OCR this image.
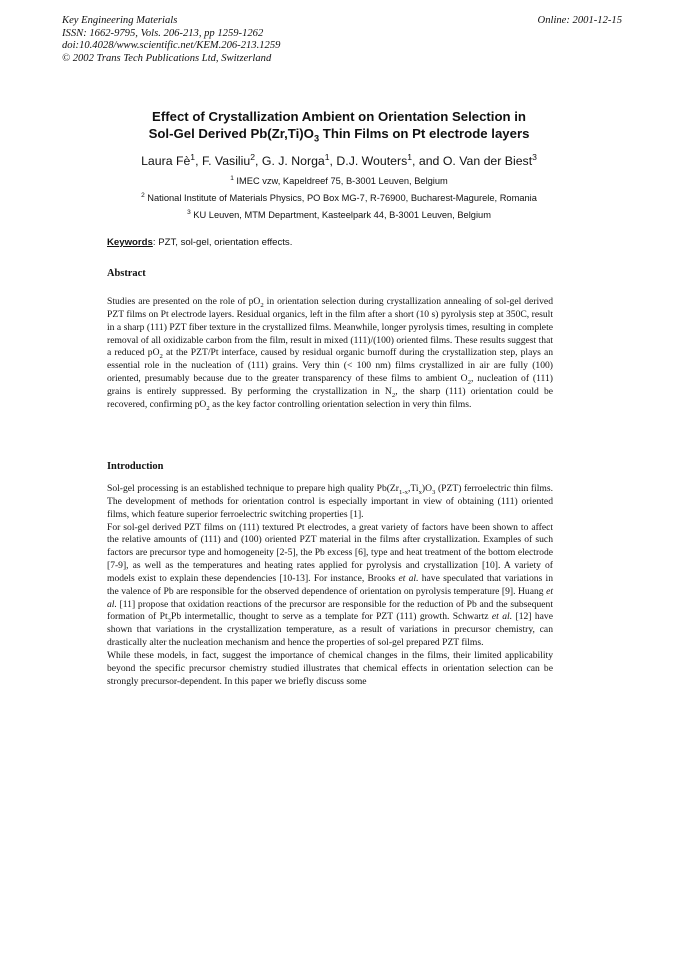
Key Engineering Materials
ISSN: 1662-9795, Vols. 206-213, pp 1259-1262
doi:10.4028/www.scientific.net/KEM.206-213.1259
© 2002 Trans Tech Publications Ltd, Switzerland
Online: 2001-12-15
Effect of Crystallization Ambient on Orientation Selection in
Sol-Gel Derived $Pb(Zr,Ti)O_3$ Thin Films on Pt electrode layers
Laura $Fè^1$, F. Vasiliu$^2$, G. J. Norga$^1$, D.J. Wouters$^1$, and O. Van der Biest$^3$
$^1$ IMEC vzw, Kapeldreef 75, B-3001 Leuven, Belgium
$^2$ National Institute of Materials Physics, PO Box MG-7, R-76900, Bucharest-Magurele, Romania
$^3$ KU Leuven, MTM Department, Kasteelpark 44, B-3001 Leuven, Belgium
Keywords: PZT, sol-gel, orientation effects.
Abstract

Studies are presented on the role of $pO_2$ in orientation selection during crystallization annealing of sol-gel derived PZT films on Pt electrode layers. Residual organics, left in the film after a short (10 s) pyrolysis step at 350C, result in a sharp (111) PZT fiber texture in the crystallized films. Meanwhile, longer pyrolysis times, resulting in complete removal of all oxidizable carbon from the film, result in mixed (111)/(100) oriented films. These results suggest that a reduced $pO_2$ at the PZT/Pt interface, caused by residual organic burnoff during the crystallization step, plays an essential role in the nucleation of (111) grains. Very thin (< 100 nm) films crystallized in air are fully (100) oriented, presumably because due to the greater transparency of these films to ambient $O_2$, nucleation of (111) grains is entirely suppressed. By performing the crystallization in $N_2$, the sharp (111) orientation could be recovered, confirming $pO_2$ as the key factor controlling orientation selection in very thin films.

Introduction

Sol-gel processing is an established technique to prepare high quality $Pb(Zr_{1-x},Ti_x)O_3$ (PZT) ferroelectric thin films. The development of methods for orientation control is especially important in view of obtaining (111) oriented films, which feature superior ferroelectric switching properties [1].

For sol-gel derived PZT films on (111) textured Pt electrodes, a great variety of factors have been shown to affect the relative amounts of (111) and (100) oriented PZT material in the films after crystallization. Examples of such factors are precursor type and homogeneity [2-5], the Pb excess [6], type and heat treatment of the bottom electrode [7-9], as well as the temperatures and heating rates applied for pyrolysis and crystallization [10]. A variety of models exist to explain these dependencies [10-13]. For instance, Brooks et al. have speculated that variations in the valence of Pb are responsible for the observed dependence of orientation on pyrolysis temperature [9]. Huang et al. [11] propose that oxidation reactions of the precursor are responsible for the reduction of Pb and the subsequent formation of $Pt_3Pb$ intermetallic, thought to serve as a template for PZT (111) growth. Schwartz et al. [12] have shown that variations in the crystallization temperature, as a result of variations in precursor chemistry, can drastically alter the nucleation mechanism and hence the properties of sol-gel prepared PZT films.

While these models, in fact, suggest the importance of chemical changes in the films, their limited applicability beyond the specific precursor chemistry studied illustrates that chemical effects in orientation selection can be strongly precursor-dependent. In this paper we briefly discuss some
